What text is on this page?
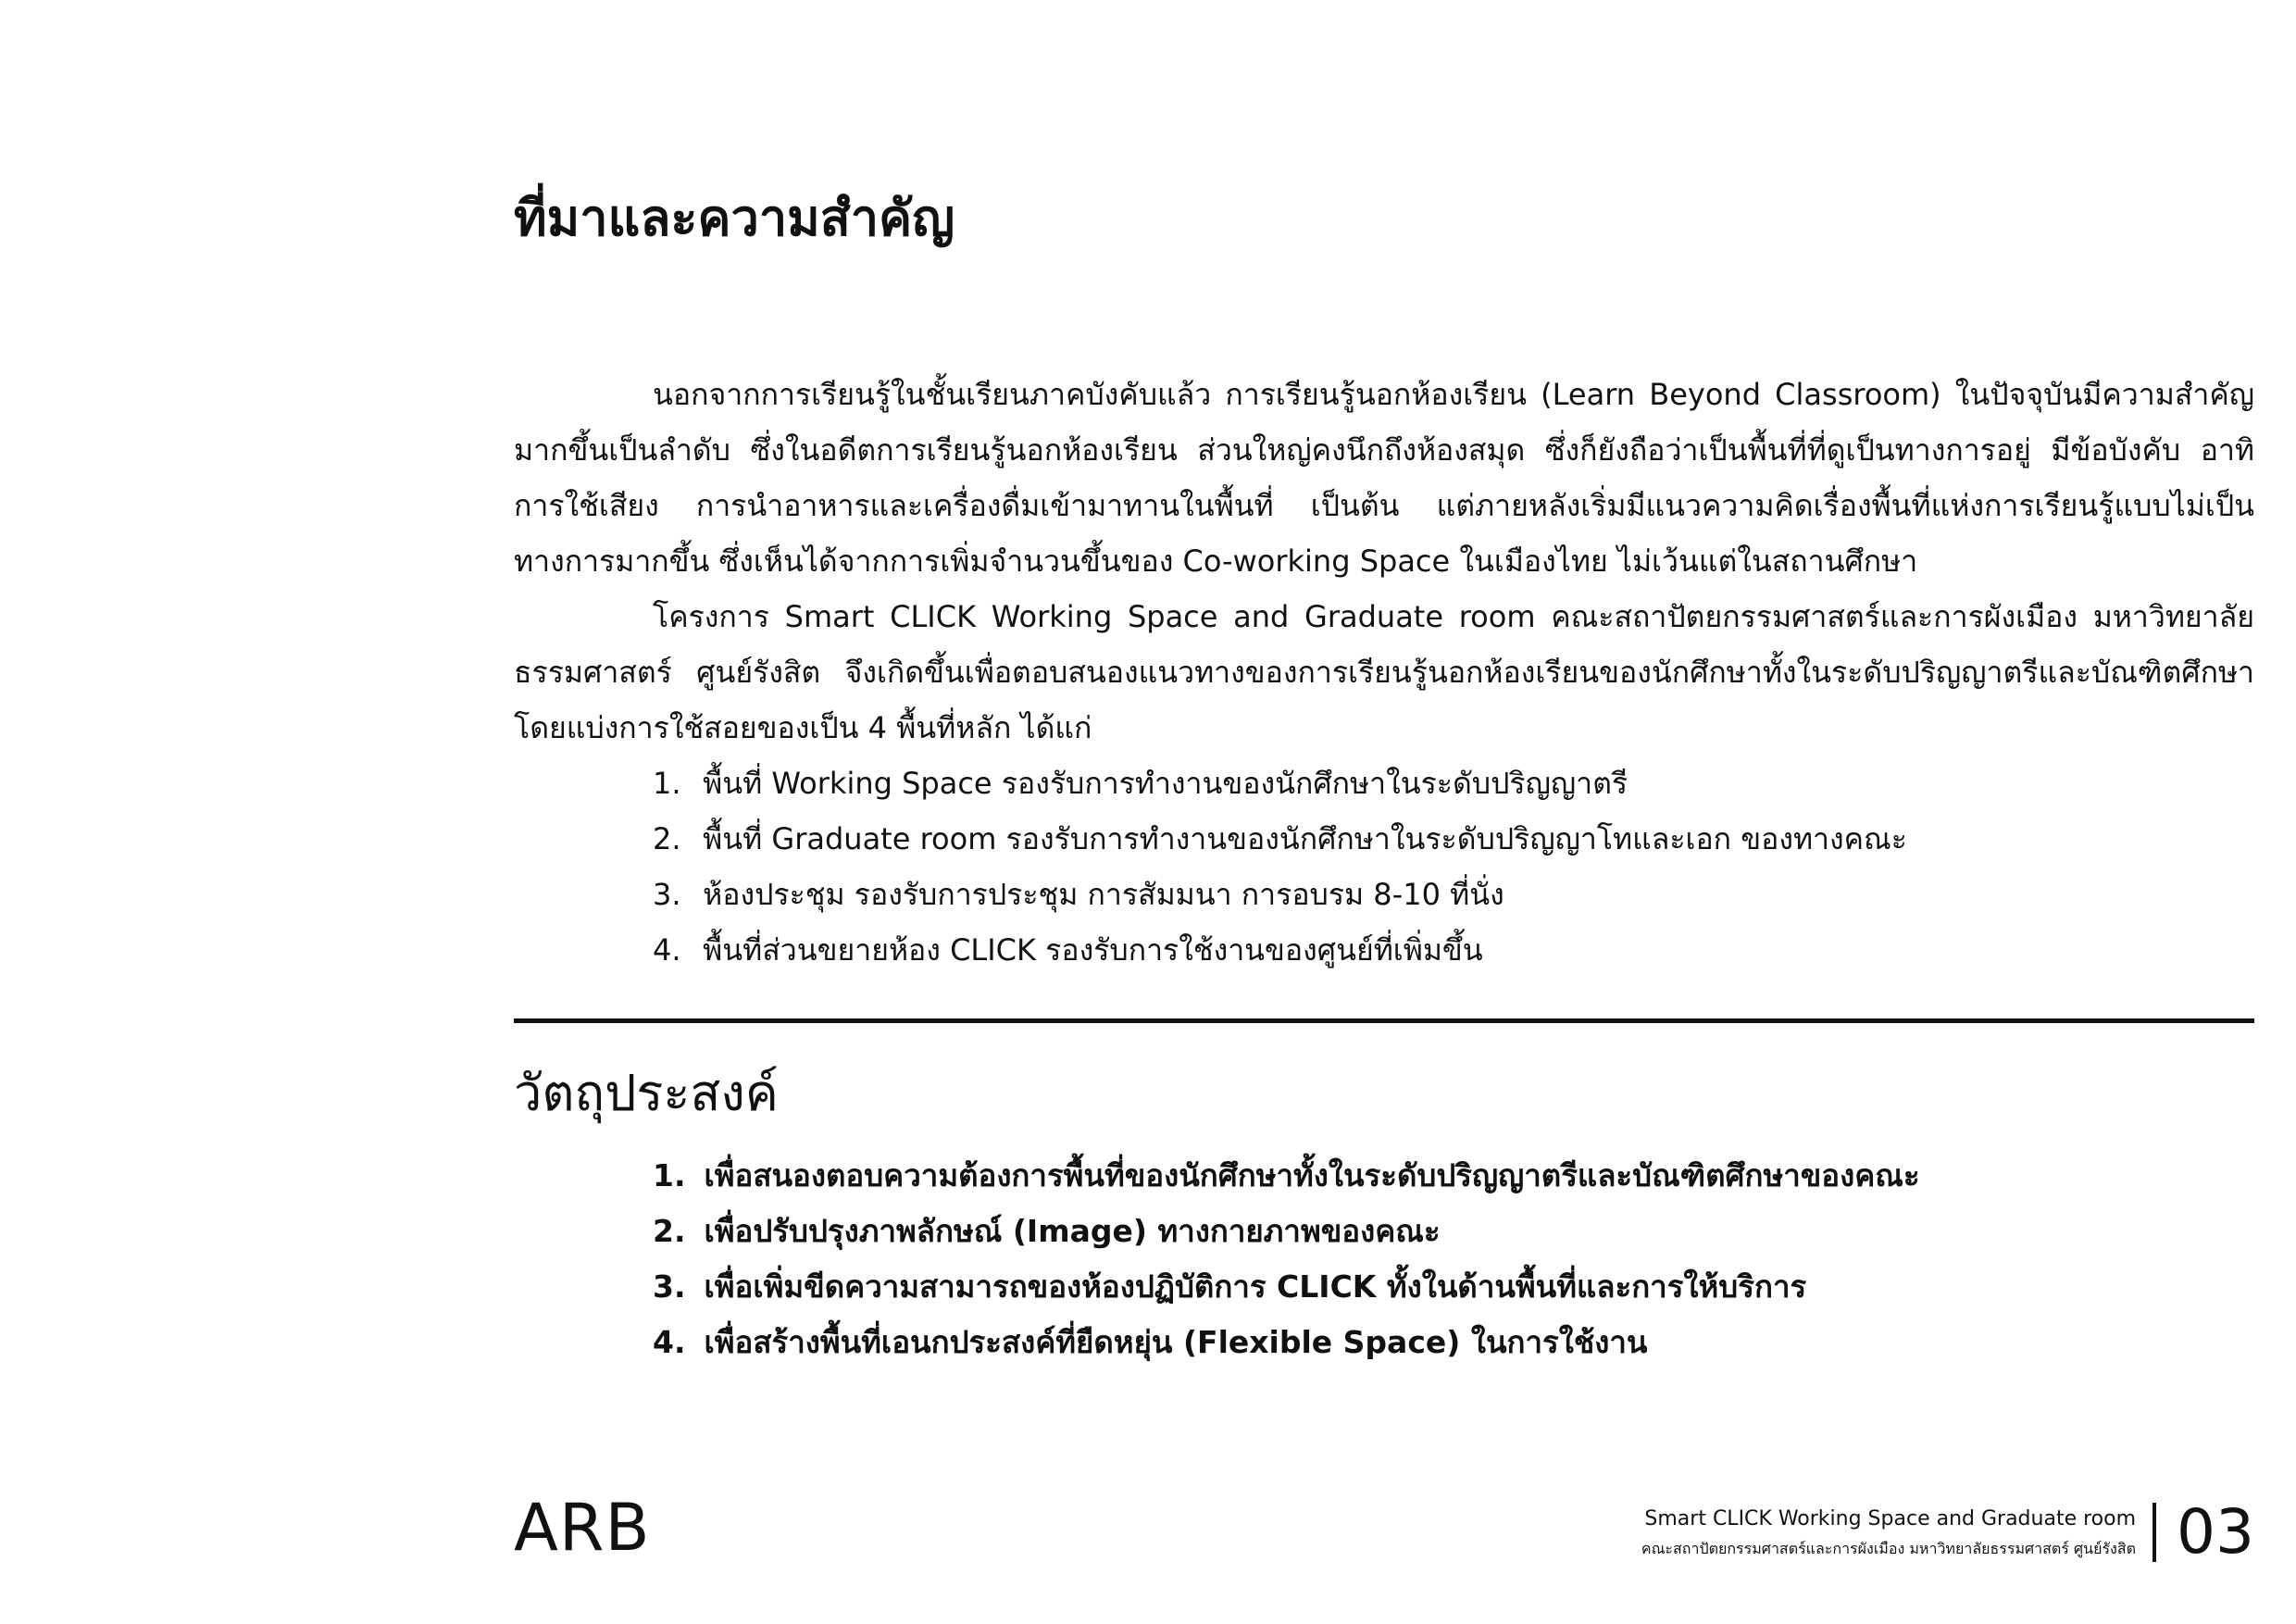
ที่มาและความสำคัญ

นอกจากการเรียนรู้ในชั้นเรียนภาคบังคับแล้ว การเรียนรู้นอกห้องเรียน (Learn Beyond Classroom) ในปัจจุบันมีความสำคัญมากขึ้นเป็นลำดับ ซึ่งในอดีตการเรียนรู้นอกห้องเรียน ส่วนใหญ่คงนึกถึงห้องสมุด ซึ่งก็ยังถือว่าเป็นพื้นที่ที่ดูเป็นทางการอยู่ มีข้อบังคับ อาทิ การใช้เสียง การนำอาหารและเครื่องดื่มเข้ามาทานในพื้นที่ เป็นต้น แต่ภายหลังเริ่มมีแนวความคิดเรื่องพื้นที่แห่งการเรียนรู้แบบไม่เป็นทางการมากขึ้น ซึ่งเห็นได้จากการเพิ่มจำนวนขึ้นของ Co-working Space ในเมืองไทย ไม่เว้นแต่ในสถานศึกษา

โครงการ Smart CLICK Working Space and Graduate room คณะสถาปัตยกรรมศาสตร์และการผังเมือง มหาวิทยาลัยธรรมศาสตร์ ศูนย์รังสิต จึงเกิดขึ้นเพื่อตอบสนองแนวทางของการเรียนรู้นอกห้องเรียนของนักศึกษาทั้งในระดับปริญญาตรีและบัณฑิตศึกษา โดยแบ่งการใช้สอยของเป็น 4 พื้นที่หลัก ได้แก่

1. พื้นที่ Working Space รองรับการทำงานของนักศึกษาในระดับปริญญาตรี
2. พื้นที่ Graduate room รองรับการทำงานของนักศึกษาในระดับปริญญาโทและเอก ของทางคณะ
3. ห้องประชุม รองรับการประชุม การสัมมนา การอบรม 8-10 ที่นั่ง
4. พื้นที่ส่วนขยายห้อง CLICK รองรับการใช้งานของศูนย์ที่เพิ่มขึ้น
วัตถุประสงค์
1. เพื่อสนองตอบความต้องการพื้นที่ของนักศึกษาทั้งในระดับปริญญาตรีและบัณฑิตศึกษาของคณะ
2. เพื่อปรับปรุงภาพลักษณ์ (Image) ทางกายภาพของคณะ
3. เพื่อเพิ่มขีดความสามารถของห้องปฏิบัติการ CLICK ทั้งในด้านพื้นที่และการให้บริการ
4. เพื่อสร้างพื้นที่เอนกประสงค์ที่ยืดหยุ่น (Flexible Space) ในการใช้งาน
ARB	Smart CLICK Working Space and Graduate room
คณะสถาปัตยกรรมศาสตร์และการผังเมือง มหาวิทยาลัยธรรมศาสตร์ ศูนย์รังสิต 03
